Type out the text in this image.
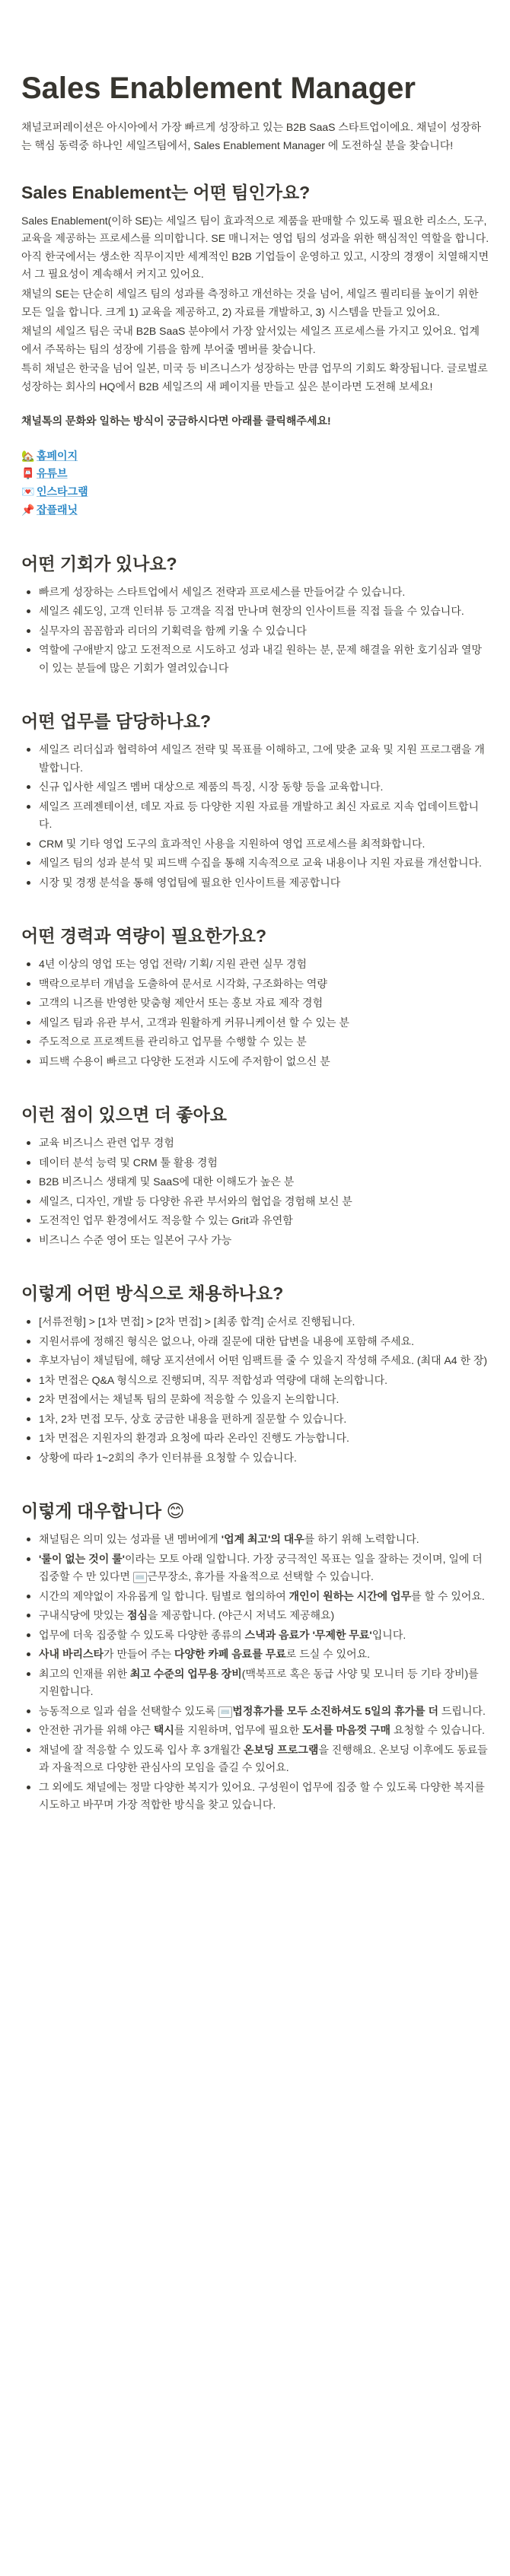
Sales Enablement Manager

채널코퍼레이션은 아시아에서 가장 빠르게 성장하고 있는 B2B SaaS 스타트업이에요. 채널이 성장하는 핵심 동력중 하나인 세일즈팀에서, Sales Enablement Manager 에 도전하실 분을 찾습니다!

Sales Enablement는 어떤 팀인가요?

Sales Enablement(이하 SE)는 세일즈 팀이 효과적으로 제품을 판매할 수 있도록 필요한 리소스, 도구, 교육을 제공하는 프로세스를 의미합니다. SE 매니저는 영업 팀의 성과을 위한 핵심적인 역할을 합니다. 아직 한국에서는 생소한 직무이지만 세계적인 B2B 기업들이 운영하고 있고, 시장의 경쟁이 치열해지면서 그 필요성이 계속해서 커지고 있어요.

채널의 SE는 단순히 세일즈 팀의 성과를 측정하고 개선하는 것을 넘어, 세일즈 퀄리티를 높이기 위한 모든 일을 합니다. 크게 1) 교육을 제공하고, 2) 자료를 개발하고, 3) 시스템을 만들고 있어요.

채널의 세일즈 팀은 국내 B2B SaaS 분야에서 가장 앞서있는 세일즈 프로세스를 가지고 있어요. 업계에서 주목하는 팀의 성장에 기름을 함께 부어줄 멤버를 찾습니다.

특히 채널은 한국을 넘어 일본, 미국 등 비즈니스가 성장하는 만큼 업무의 기회도 확장됩니다. 글로벌로 성장하는 회사의 HQ에서 B2B 세일즈의 새 페이지를 만들고 싶은 분이라면 도전해 보세요!

채널톡의 문화와 일하는 방식이 궁금하시다면 아래를 클릭해주세요!

🏡 홈페이지
📮 유튜브
💌 인스타그램
📌 잡플래닛
어떤 기회가 있나요?
빠르게 성장하는 스타트업에서 세일즈 전략과 프로세스를 만들어갈 수 있습니다.
세일즈 쉐도잉, 고객 인터뷰 등 고객을 직접 만나며 현장의 인사이트를 직접 들을 수 있습니다.
실무자의 꼼꼼함과 리더의 기획력을 함께 키울 수 있습니다
역할에 구애받지 않고 도전적으로 시도하고 성과 내길 원하는 분, 문제 해결을 위한 호기심과 열망이 있는 분들에 많은 기회가 열려있습니다
어떤 업무를 담당하나요?
세일즈 리더십과 협력하여 세일즈 전략 및 목표를 이해하고, 그에 맞춘 교육 및 지원 프로그램을 개발합니다.
신규 입사한 세일즈 멤버 대상으로 제품의 특징, 시장 동향 등을 교육합니다.
세일즈 프레젠테이션, 데모 자료 등 다양한 지원 자료를 개발하고 최신 자료로 지속 업데이트합니다.
CRM 및 기타 영업 도구의 효과적인 사용을 지원하여 영업 프로세스를 최적화합니다.
세일즈 팀의 성과 분석 및 피드백 수집을 통해 지속적으로 교육 내용이나 지원 자료를 개선합니다.
시장 및 경쟁 분석을 통해 영업팀에 필요한 인사이트를 제공합니다
어떤 경력과 역량이 필요한가요?
4년 이상의 영업 또는 영업 전략/ 기획/ 지원 관련 실무 경험
맥락으로부터 개념을 도출하여 문서로 시각화, 구조화하는 역량
고객의 니즈를 반영한 맞춤형 제안서 또는 홍보 자료 제작 경험
세일즈 팀과 유관 부서, 고객과 원활하게 커뮤니케이션 할 수 있는 분
주도적으로 프로젝트를 관리하고 업무를 수행할 수 있는 분
피드백 수용이 빠르고 다양한 도전과 시도에 주저함이 없으신 분
이런 점이 있으면 더 좋아요
교육 비즈니스 관련 업무 경험
데이터 분석 능력 및 CRM 툴 활용 경험
B2B 비즈니스 생태계 및 SaaS에 대한 이해도가 높은 분
세일즈, 디자인, 개발 등 다양한 유관 부서와의 협업을 경험해 보신 분
도전적인 업무 환경에서도 적응할 수 있는 Grit과 유연함
비즈니스 수준 영어 또는 일본어 구사 가능
이렇게 어떤 방식으로 채용하나요?
[서류전형] > [1차 면접] > [2차 면접] > [최종 합격] 순서로 진행됩니다.
지원서류에 정해진 형식은 없으나, 아래 질문에 대한 답변을 내용에 포함해 주세요.
후보자님이 채널팀에, 해당 포지션에서 어떤 임팩트를 줄 수 있을지 작성해 주세요. (최대 A4 한 장)
1차 면접은 Q&A 형식으로 진행되며, 직무 적합성과 역량에 대해 논의합니다.
2차 면접에서는 채널톡 팀의 문화에 적응할 수 있을지 논의합니다.
1차, 2차 면접 모두, 상호 궁금한 내용을 편하게 질문할 수 있습니다.
1차 면접은 지원자의 환경과 요청에 따라 온라인 진행도 가능합니다.
상황에 따라 1~2회의 추가 인터뷰를 요청할 수 있습니다.
이렇게 대우합니다 😊
채널팀은 의미 있는 성과를 낸 멤버에게 '업계 최고'의 대우를 하기 위해 노력합니다.
'룰이 없는 것이 룰'이라는 모토 아래 일합니다. 가장 궁극적인 목표는 일을 잘하는 것이며, 일에 더 집중할 수 만 있다면 ⌨️ 근무장소, 휴가를 자율적으로 선택할 수 있습니다.
시간의 제약없이 자유롭게 일 합니다. 팀별로 협의하여 개인이 원하는 시간에 업무를 할 수 있어요.
구내식당에 맛있는 점심을 제공합니다. (야근시 저녁도 제공해요)
업무에 더욱 집중할 수 있도록 다양한 종류의 스낵과 음료가 '무제한 무료'입니다.
사내 바리스타가 만들어 주는 다양한 카페 음료를 무료로 드실 수 있어요.
최고의 인재를 위한 최고 수준의 업무용 장비(맥북프로 혹은 동급 사양 및 모니터 등 기타 장비)를 지원합니다.
능동적으로 일과 쉼을 선택할수 있도록 ⌨️ 법정휴가를 모두 소진하셔도 5일의 휴가를 더 드립니다.
안전한 귀가를 위해 야근 택시를 지원하며, 업무에 필요한 도서를 마음껏 구매 요청할 수 있습니다.
채널에 잘 적응할 수 있도록 입사 후 3개월간 온보딩 프로그램을 진행해요. 온보딩 이후에도 동료들과 자율적으로 다양한 관심사의 모임을 즐길 수 있어요.
그 외에도 채널에는 정말 다양한 복지가 있어요. 구성원이 업무에 집중 할 수 있도록 다양한 복지를 시도하고 바꾸며 가장 적합한 방식을 찾고 있습니다.
